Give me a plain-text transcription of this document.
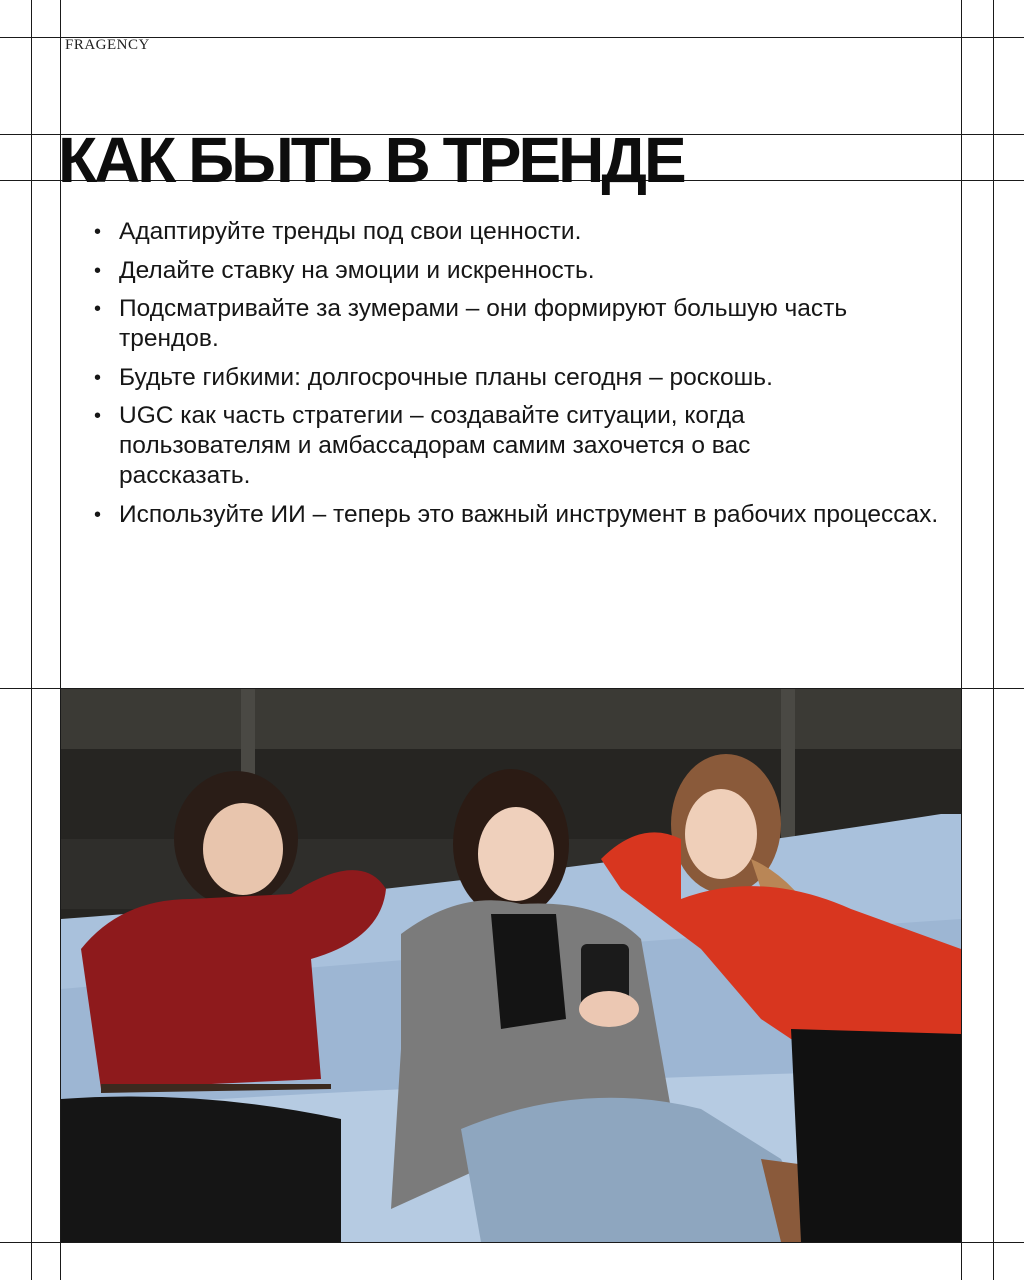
FRAGENCY
КАК БЫТЬ В ТРЕНДЕ
• Адаптируйте тренды под свои ценности.
• Делайте ставку на эмоции и искренность.
• Подсматривайте за зумерами – они формируют большую часть трендов.
• Будьте гибкими: долгосрочные планы сегодня – роскошь.
• UGC как часть стратегии – создавайте ситуации, когда пользователям и амбассадорам самим захочется о вас рассказать.
• Используйте ИИ – теперь это важный инструмент в рабочих процессах.
